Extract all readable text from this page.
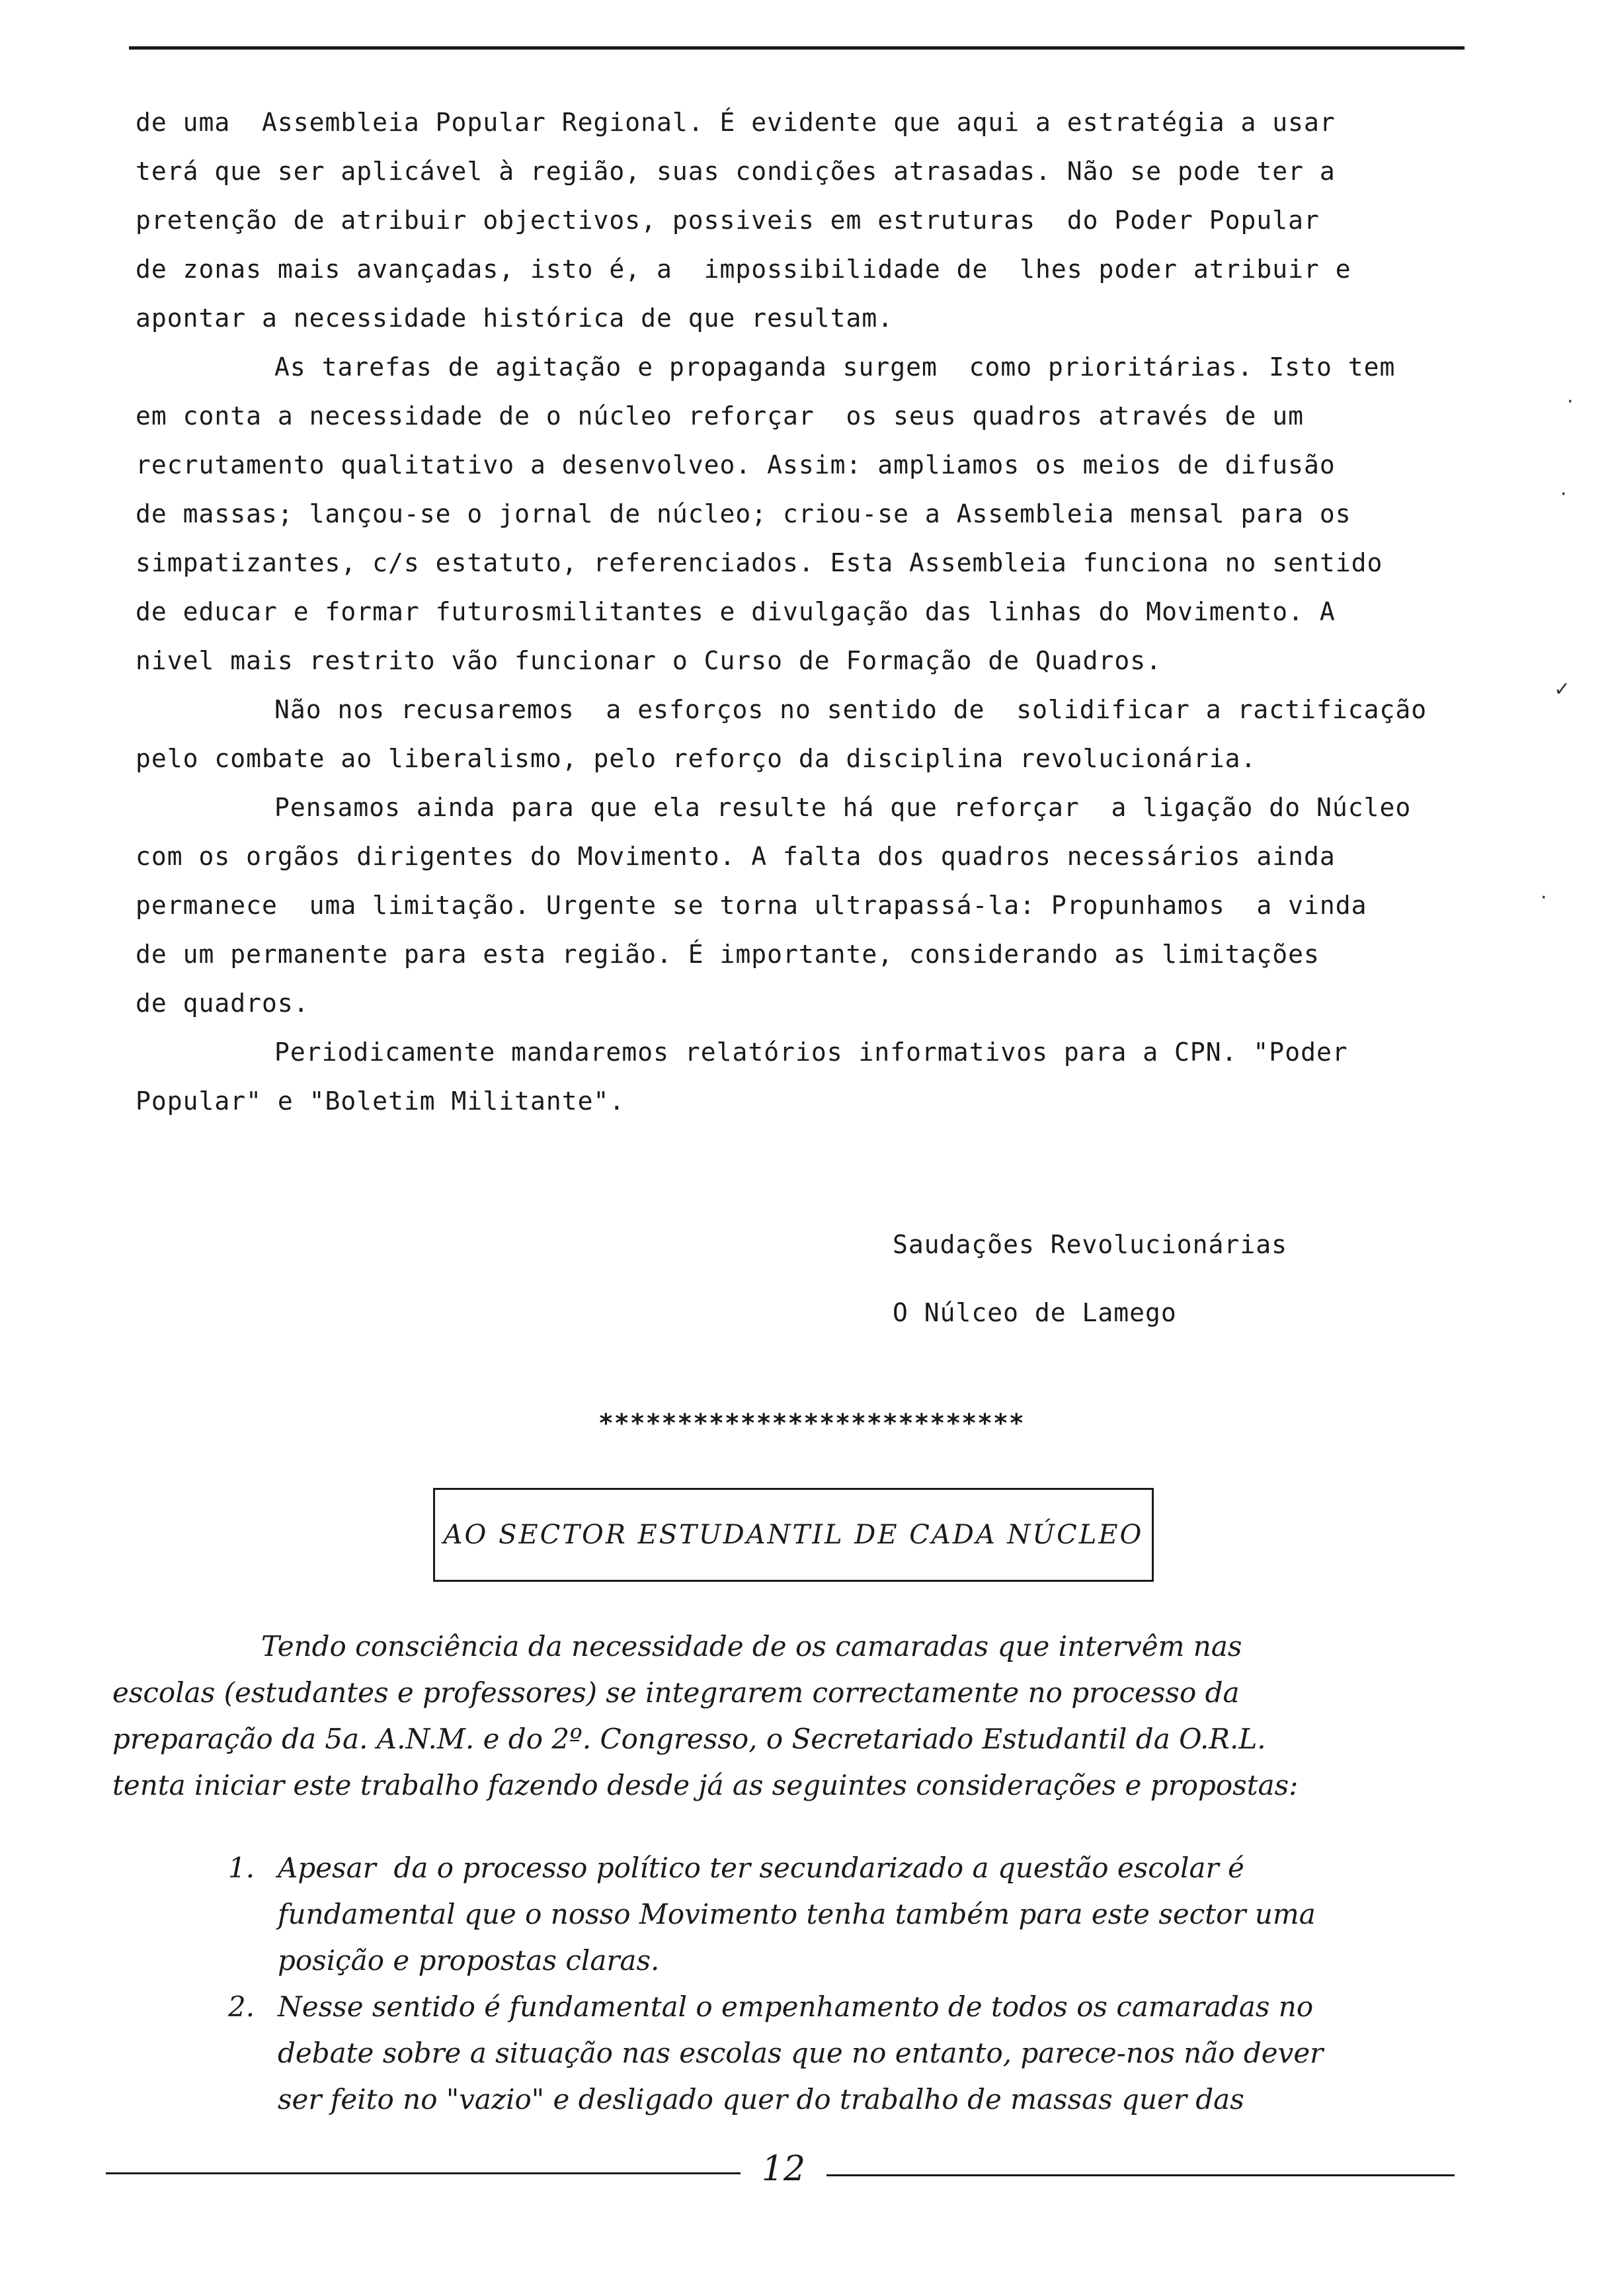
de uma  Assembleia Popular Regional. É evidente que aqui a estratégia a usar

terá que ser aplicável à região, suas condições atrasadas. Não se pode ter a

pretenção de atribuir objectivos, possiveis em estruturas  do Poder Popular

de zonas mais avançadas, isto é, a  impossibilidade de  lhes poder atribuir e

apontar a necessidade histórica de que resultam.

As tarefas de agitação e propaganda surgem  como prioritárias. Isto tem

em conta a necessidade de o núcleo reforçar  os seus quadros através de um

recrutamento qualitativo a desenvolveo. Assim: ampliamos os meios de difusão

de massas; lançou-se o jornal de núcleo; criou-se a Assembleia mensal para os

simpatizantes, c/s estatuto, referenciados. Esta Assembleia funciona no sentido

de educar e formar futurosmilitantes e divulgação das linhas do Movimento. A

nivel mais restrito vão funcionar o Curso de Formação de Quadros.

Não nos recusaremos  a esforços no sentido de  solidificar a ractificação

pelo combate ao liberalismo, pelo reforço da disciplina revolucionária.

Pensamos ainda para que ela resulte há que reforçar  a ligação do Núcleo

com os orgãos dirigentes do Movimento. A falta dos quadros necessários ainda

permanece  uma limitação. Urgente se torna ultrapassá-la: Propunhamos  a vinda

de um permanente para esta região. É importante, considerando as limitações

de quadros.

Periodicamente mandaremos relatórios informativos para a CPN. "Poder

Popular" e "Boletim Militante".

Saudações Revolucionárias
O Núlceo de Lamego
***************************
AO SECTOR ESTUDANTIL DE CADA NÚCLEO

Tendo consciência da necessidade de os camaradas que intervêm nas

escolas (estudantes e professores) se integrarem correctamente no processo da

preparação da 5a. A.N.M. e do 2º. Congresso, o Secretariado Estudantil da O.R.L.

tenta iniciar este trabalho fazendo desde já as seguintes considerações e propostas:

1. Apesar  da o processo político ter secundarizado a questão escolar é

fundamental que o nosso Movimento tenha também para este sector uma

posição e propostas claras.

2. Nesse sentido é fundamental o empenhamento de todos os camaradas no

debate sobre a situação nas escolas que no entanto, parece-nos não dever

ser feito no "vazio" e desligado quer do trabalho de massas quer das

12
·
·
✓
·
